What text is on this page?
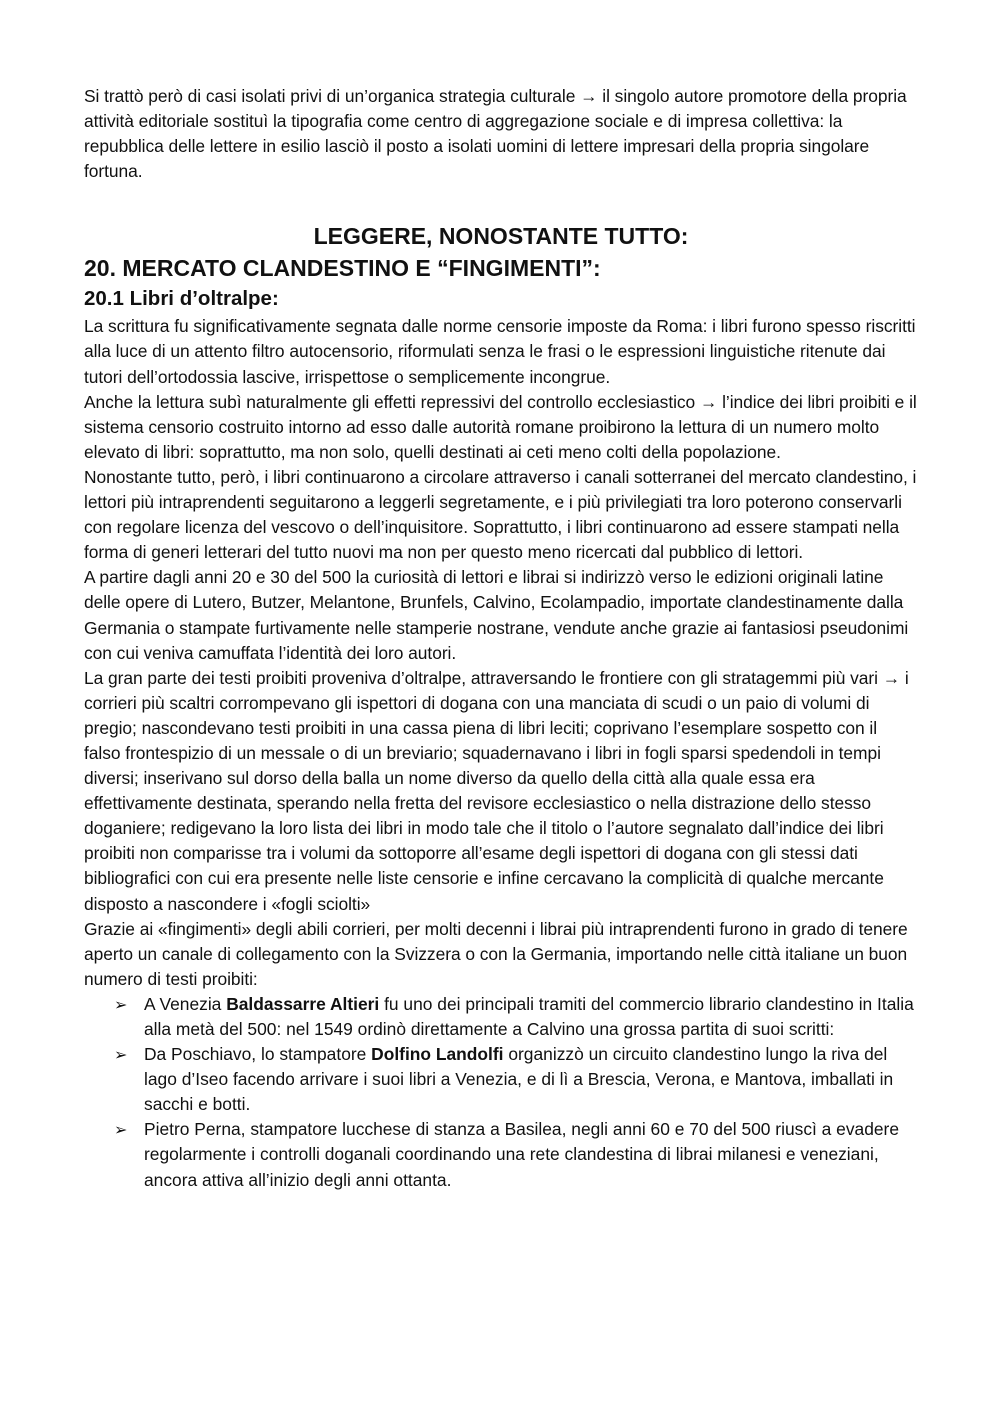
Si trattò però di casi isolati privi di un’organica strategia culturale → il singolo autore promotore della propria attività editoriale sostituì la tipografia come centro di aggregazione sociale e di impresa collettiva: la repubblica delle lettere in esilio lasciò il posto a isolati uomini di lettere impresari della propria singolare fortuna.

LEGGERE, NONOSTANTE TUTTO:
20. MERCATO CLANDESTINO E “FINGIMENTI”:
20.1 Libri d’oltralpe:

La scrittura fu significativamente segnata dalle norme censorie imposte da Roma: i libri furono spesso riscritti alla luce di un attento filtro autocensorio, riformulati senza le frasi o le espressioni linguistiche ritenute dai tutori dell’ortodossia lascive, irrispettose o semplicemente incongrue.

Anche la lettura subì naturalmente gli effetti repressivi del controllo ecclesiastico → l’indice dei libri proibiti e il sistema censorio costruito intorno ad esso dalle autorità romane proibirono la lettura di un numero molto elevato di libri: soprattutto, ma non solo, quelli destinati ai ceti meno colti della popolazione.

Nonostante tutto, però, i libri continuarono a circolare attraverso i canali sotterranei del mercato clandestino, i lettori più intraprendenti seguitarono a leggerli segretamente, e i più privilegiati tra loro poterono conservarli con regolare licenza del vescovo o dell’inquisitore. Soprattutto, i libri continuarono ad essere stampati nella forma di generi letterari del tutto nuovi ma non per questo meno ricercati dal pubblico di lettori.

A partire dagli anni 20 e 30 del 500 la curiosità di lettori e librai si indirizzò verso le edizioni originali latine delle opere di Lutero, Butzer, Melantone, Brunfels, Calvino, Ecolampadio, importate clandestinamente dalla Germania o stampate furtivamente nelle stamperie nostrane, vendute anche grazie ai fantasiosi pseudonimi con cui veniva camuffata l’identità dei loro autori.

La gran parte dei testi proibiti proveniva d’oltralpe, attraversando le frontiere con gli stratagemmi più vari → i corrieri più scaltri corrompevano gli ispettori di dogana con una manciata di scudi o un paio di volumi di pregio; nascondevano testi proibiti in una cassa piena di libri leciti; coprivano l’esemplare sospetto con il falso frontespizio di un messale o di un breviario; squadernavano i libri in fogli sparsi spedendoli in tempi diversi; inserivano sul dorso della balla un nome diverso da quello della città alla quale essa era effettivamente destinata, sperando nella fretta del revisore ecclesiastico o nella distrazione dello stesso doganiere; redigevano la loro lista dei libri in modo tale che il titolo o l’autore segnalato dall’indice dei libri proibiti non comparisse tra i volumi da sottoporre all’esame degli ispettori di dogana con gli stessi dati bibliografici con cui era presente nelle liste censorie e infine cercavano la complicità di qualche mercante disposto a nascondere i «fogli sciolti»

Grazie ai «fingimenti» degli abili corrieri, per molti decenni i librai più intraprendenti furono in grado di tenere aperto un canale di collegamento con la Svizzera o con la Germania, importando nelle città italiane un buon numero di testi proibiti:

➢ A Venezia Baldassarre Altieri fu uno dei principali tramiti del commercio librario clandestino in Italia alla metà del 500: nel 1549 ordinò direttamente a Calvino una grossa partita di suoi scritti:
➢ Da Poschiavo, lo stampatore Dolfino Landolfi organizzò un circuito clandestino lungo la riva del lago d’Iseo facendo arrivare i suoi libri a Venezia, e di lì a Brescia, Verona, e Mantova, imballati in sacchi e botti.
➢ Pietro Perna, stampatore lucchese di stanza a Basilea, negli anni 60 e 70 del 500 riuscì a evadere regolarmente i controlli doganali coordinando una rete clandestina di librai milanesi e veneziani, ancora attiva all’inizio degli anni ottanta.
